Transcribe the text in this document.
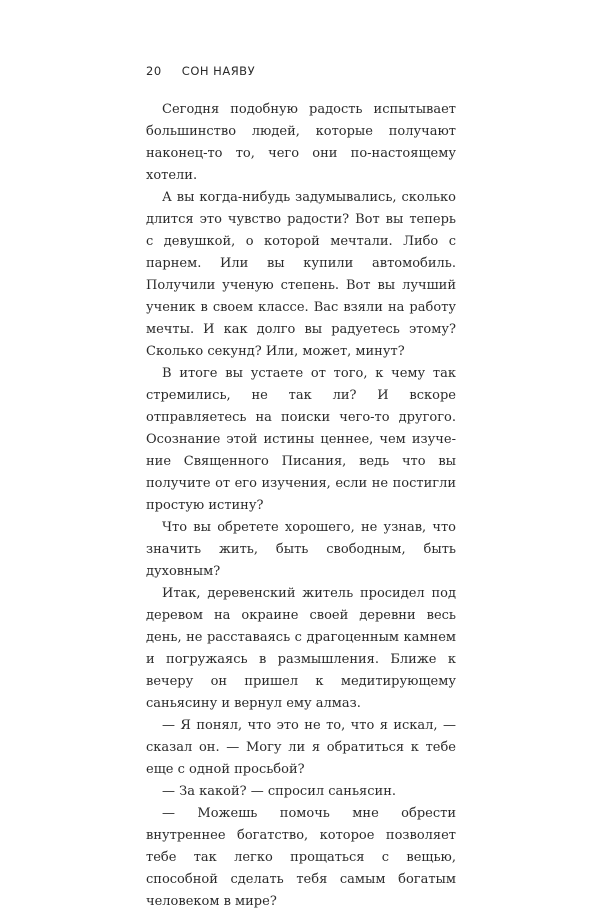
20 СОН НАЯВУ

Сегодня подобную радость испытывает большинство людей, которые получают наконец-то то, чего они по-настоящему хотели.

А вы когда-нибудь задумывались, сколько длится это чувство радости? Вот вы теперь с девушкой, о которой мечтали. Либо с парнем. Или вы купили автомобиль. Получили ученую степень. Вот вы лучший ученик в своем классе. Вас взяли на работу мечты. И как долго вы радуетесь этому? Сколько секунд? Или, может, минут?

В итоге вы устаете от того, к чему так стремились, не так ли? И вскоре отправляетесь на поиски чего-то другого. Осознание этой истины ценнее, чем изучение Священного Писания, ведь что вы получите от его изучения, если не постигли простую истину?

Что вы обретете хорошего, не узнав, что значить жить, быть свободным, быть духовным?

Итак, деревенский житель просидел под деревом на окраине своей деревни весь день, не расставаясь с драгоценным камнем и погружаясь в размышления. Ближе к вечеру он пришел к медитирующему саньясину и вернул ему алмаз.

— Я понял, что это не то, что я искал, — сказал он. — Могу ли я обратиться к тебе еще с одной просьбой?

— За какой? — спросил саньясин.

— Можешь помочь мне обрести внутреннее богатство, которое позволяет тебе так легко прощаться с вещью, способной сделать тебя самым богатым человеком в мире?
